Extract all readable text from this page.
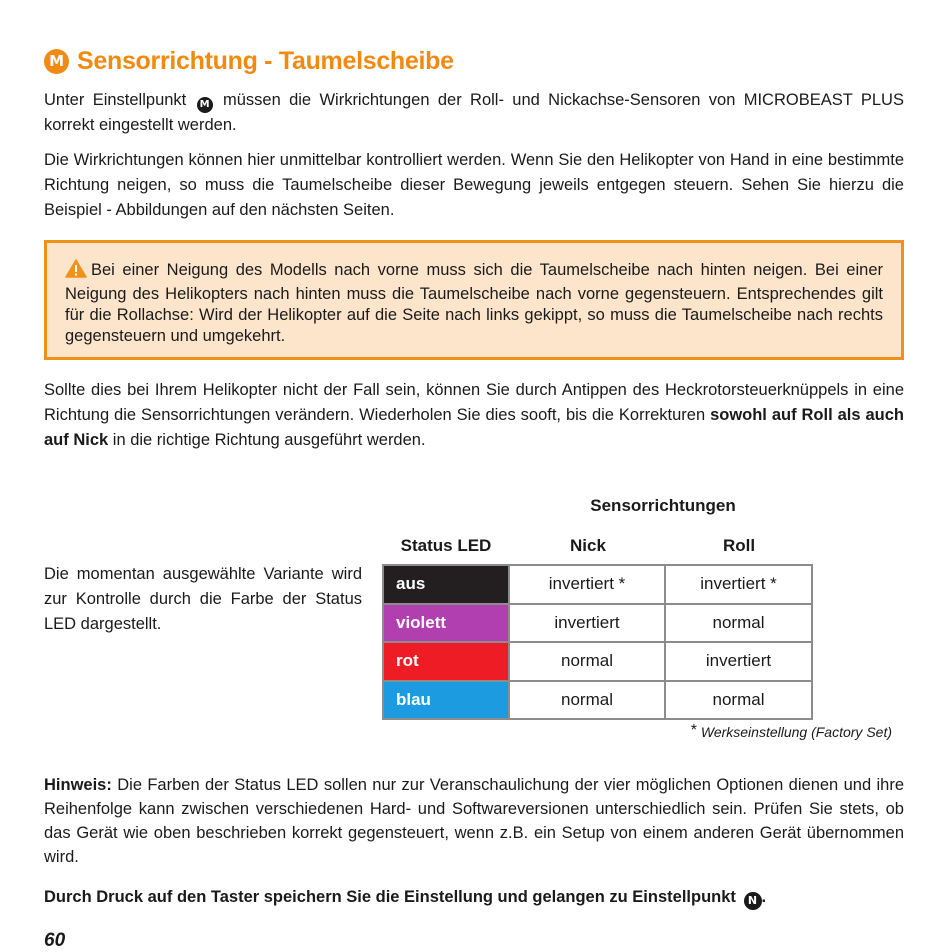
M Sensorrichtung - Taumelscheibe

Unter Einstellpunkt M müssen die Wirkrichtungen der Roll- und Nickachse-Sensoren von MICROBEAST PLUS korrekt eingestellt werden.

Die Wirkrichtungen können hier unmittelbar kontrolliert werden. Wenn Sie den Helikopter von Hand in eine bestimmte Richtung neigen, so muss die Taumelscheibe dieser Bewegung jeweils entgegen steuern. Sehen Sie hierzu die Beispiel - Abbildungen auf den nächsten Seiten.

Bei einer Neigung des Modells nach vorne muss sich die Taumelscheibe nach hinten neigen. Bei einer Neigung des Helikopters nach hinten muss die Taumelscheibe nach vorne gegensteuern. Entsprechendes gilt für die Rollachse: Wird der Helikopter auf die Seite nach links gekippt, so muss die Taumelscheibe nach rechts gegensteuern und umgekehrt.

Sollte dies bei Ihrem Helikopter nicht der Fall sein, können Sie durch Antippen des Heckrotorsteuerknüppels in eine Richtung die Sensorrichtungen verändern. Wiederholen Sie dies sooft, bis die Korrekturen sowohl auf Roll als auch auf Nick in die richtige Richtung ausgeführt werden.

Die momentan ausgewählte Variante wird zur Kontrolle durch die Farbe der Status LED dargestellt.

Sensorrichtungen
Status LED	Nick	Roll
aus	invertiert *	invertiert *
violett	invertiert	normal
rot	normal	invertiert
blau	normal	normal
* Werkseinstellung (Factory Set)

Hinweis: Die Farben der Status LED sollen nur zur Veranschaulichung der vier möglichen Optionen dienen und ihre Reihenfolge kann zwischen verschiedenen Hard- und Softwareversionen unterschiedlich sein. Prüfen Sie stets, ob das Gerät wie oben beschrieben korrekt gegensteuert, wenn z.B. ein Setup von einem anderen Gerät übernommen wird.

Durch Druck auf den Taster speichern Sie die Einstellung und gelangen zu Einstellpunkt N .
60
